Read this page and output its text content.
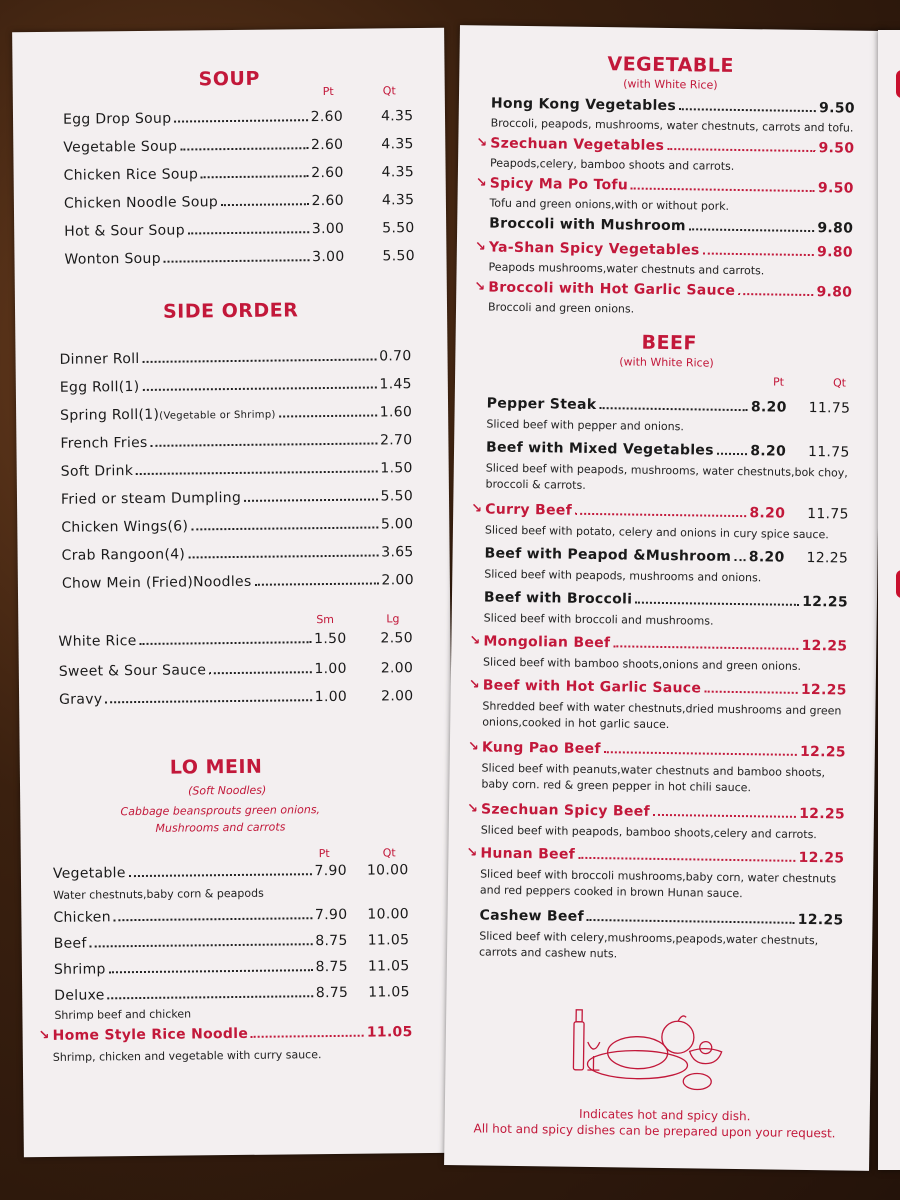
SOUP
Pt	Qt
Egg Drop Soup	2.60	4.35
Vegetable Soup	2.60	4.35
Chicken Rice Soup	2.60	4.35
Chicken Noodle Soup	2.60	4.35
Hot & Sour Soup	3.00	5.50
Wonton Soup	3.00	5.50
SIDE ORDER
Dinner Roll	0.70
Egg Roll(1)	1.45
Spring Roll(1) (Vegetable or Shrimp)	1.60
French Fries	2.70
Soft Drink	1.50
Fried or steam Dumpling	5.50
Chicken Wings(6)	5.00
Crab Rangoon(4)	3.65
Chow Mein (Fried)Noodles	2.00
Sm	Lg
White Rice	1.50 2.50
Sweet & Sour Sauce	1.00 2.00
Gravy	1.00 2.00
LO MEIN
(Soft Noodles)
Cabbage beansprouts green onions,
Mushrooms and carrots
Pt	Qt
Vegetable	7.90 10.00
Water chestnuts,baby corn & peapods
Chicken	7.90 10.00
Beef	8.75 11.05
Shrimp	8.75 11.05
Deluxe	8.75 11.05
Shrimp beef and chicken
↘ Home Style Rice Noodle	11.05
Shrimp, chicken and vegetable with curry sauce.
VEGETABLE
(with White Rice)
Hong Kong Vegetables	9.50
Broccoli, peapods, mushrooms, water chestnuts, carrots and tofu.
↘ Szechuan Vegetables	9.50
Peapods,celery, bamboo shoots and carrots.
↘ Spicy Ma Po Tofu	9.50
Tofu and green onions,with or without pork.
Broccoli with Mushroom	9.80
↘ Ya-Shan Spicy Vegetables	9.80
Peapods mushrooms,water chestnuts and carrots.
↘ Broccoli with Hot Garlic Sauce	9.80
Broccoli and green onions.
BEEF
(with White Rice)
Pt	Qt
Pepper Steak	8.20 11.75
Sliced beef with pepper and onions.
Beef with Mixed Vegetables	8.20 11.75
Sliced beef with peapods, mushrooms, water chestnuts,bok choy,
broccoli & carrots.
↘ Curry Beef	8.20 11.75
Sliced beef with potato, celery and onions in cury spice sauce.
Beef with Peapod &Mushroom 8.20 12.25
Sliced beef with peapods, mushrooms and onions.
Beef with Broccoli	12.25
Sliced beef with broccoli and mushrooms.
↘ Mongolian Beef	12.25
Sliced beef with bamboo shoots,onions and green onions.
↘ Beef with Hot Garlic Sauce	12.25
Shredded beef with water chestnuts,dried mushrooms and green
onions,cooked in hot garlic sauce.
↘ Kung Pao Beef	12.25
Sliced beef with peanuts,water chestnuts and bamboo shoots,
baby corn. red & green pepper in hot chili sauce.
↘ Szechuan Spicy Beef	12.25
Sliced beef with peapods, bamboo shoots,celery and carrots.
↘ Hunan Beef	12.25
Sliced beef with broccoli mushrooms,baby corn, water chestnuts
and red peppers cooked in brown Hunan sauce.
Cashew Beef	12.25
Sliced beef with celery,mushrooms,peapods,water chestnuts,
carrots and cashew nuts.
Indicates hot and spicy dish.
All hot and spicy dishes can be prepared upon your request.
